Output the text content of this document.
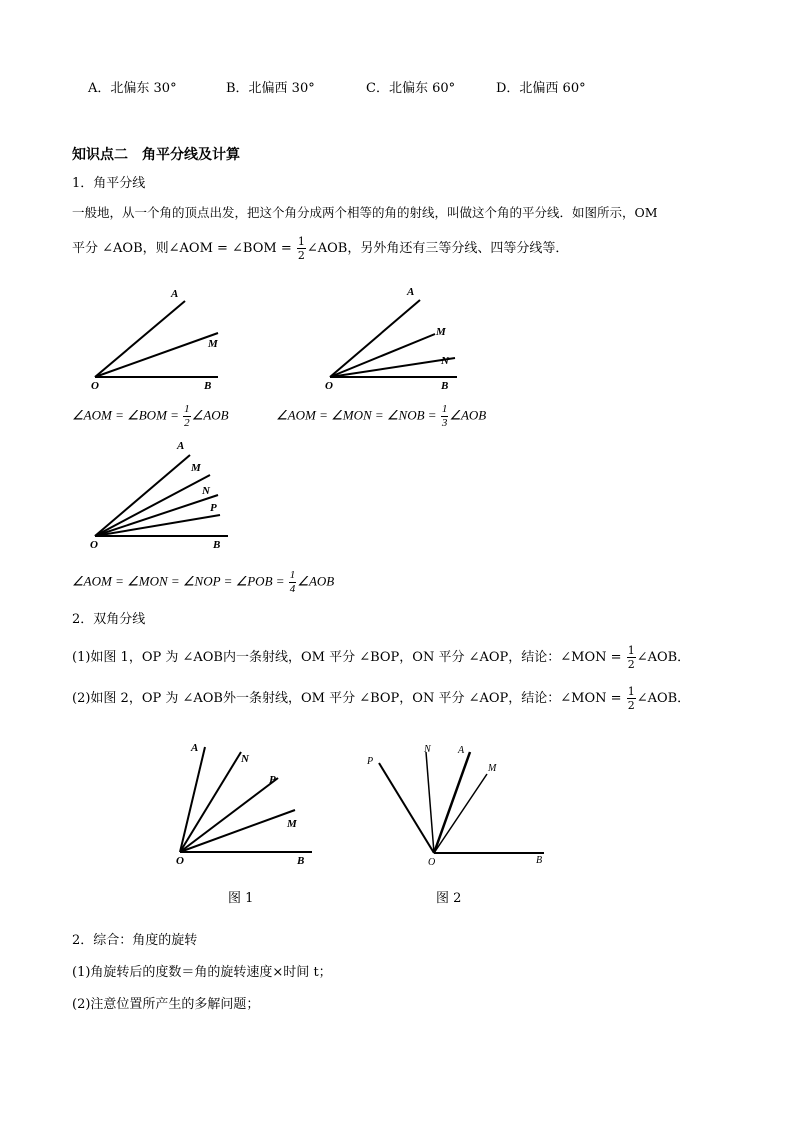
A．北偏东 30°	B．北偏西 30°	C．北偏东 60°	D．北偏西 60°
知识点二　角平分线及计算
1．角平分线
一般地，从一个角的顶点出发，把这个角分成两个相等的角的射线，叫做这个角的平分线．如图所示，OM
平分 ∠AOB，则∠AOM = ∠BOM = $\frac{1}{2}$ ∠AOB，另外角还有三等分线、四等分线等．
A
M
O	B
A
M
N
O	B
∠AOM = ∠BOM = $\frac{1}{2}$ ∠AOB	∠AOM = ∠MON = ∠NOB = $\frac{1}{3}$ ∠AOB
A
M
N
P
O	B
∠AOM = ∠MON = ∠NOP = ∠POB = $\frac{1}{4}$ ∠AOB
2．双角分线
(1)如图 1，OP 为 ∠AOB内一条射线，OM 平分 ∠BOP，ON 平分 ∠AOP，结论：∠MON = $\frac{1}{2}$ ∠AOB．
(2)如图 2，OP 为 ∠AOB外一条射线，OM 平分 ∠BOP，ON 平分 ∠AOP，结论：∠MON = $\frac{1}{2}$ ∠AOB．
A
N
P
M
O	B
图 1
P
N	A
M
O	B
图 2
2．综合：角度的旋转
(1)角旋转后的度数＝角的旋转速度×时间 t；
(2)注意位置所产生的多解问题；
